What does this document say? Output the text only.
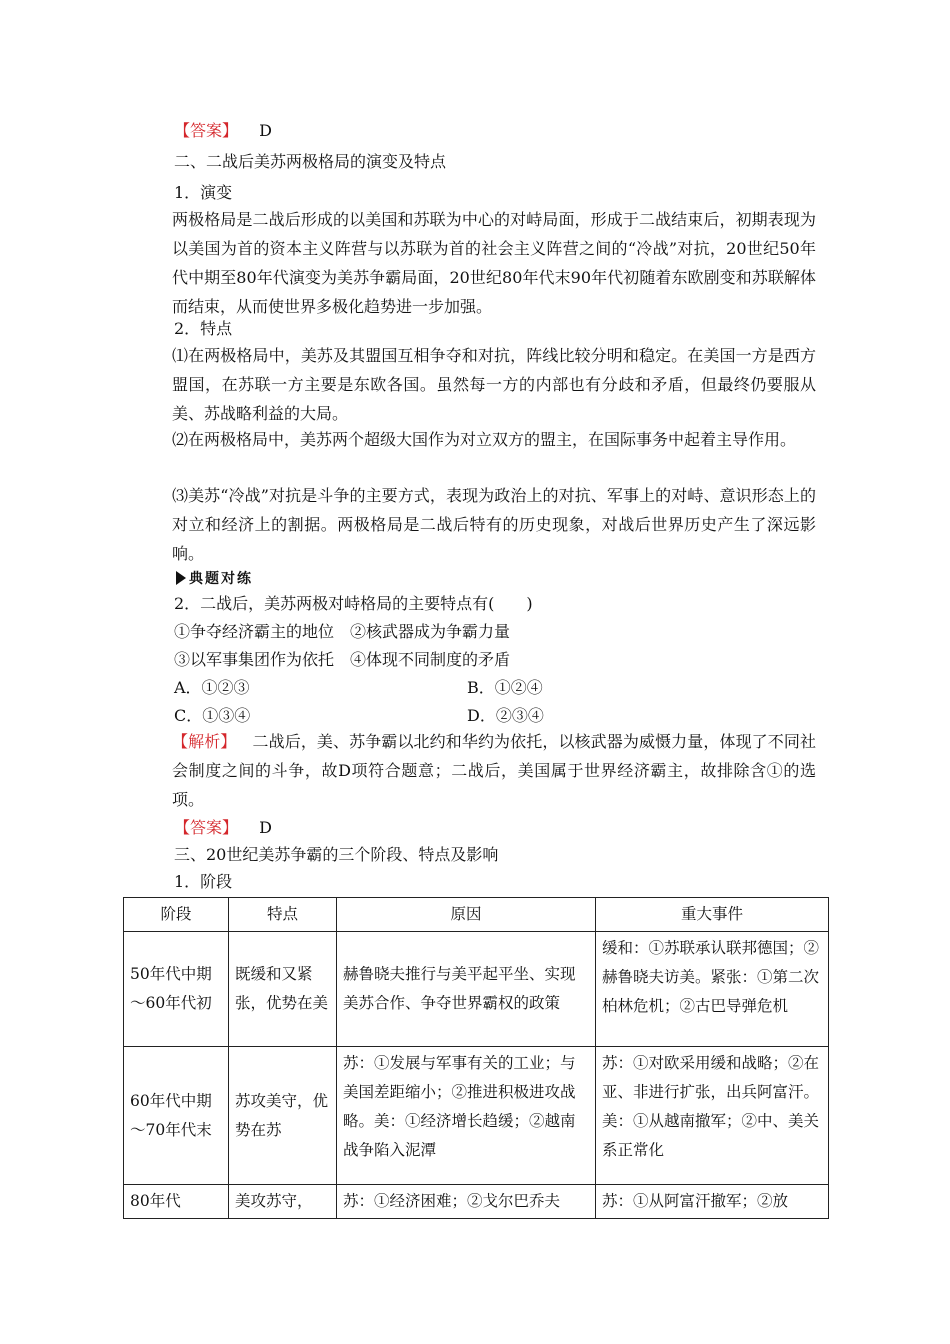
【答案】 D
二、二战后美苏两极格局的演变及特点
1．演变
两极格局是二战后形成的以美国和苏联为中心的对峙局面，形成于二战结束后，初期表现为以美国为首的资本主义阵营与以苏联为首的社会主义阵营之间的“冷战”对抗，20世纪50年代中期至80年代演变为美苏争霸局面，20世纪80年代末90年代初随着东欧剧变和苏联解体而结束，从而使世界多极化趋势进一步加强。
2．特点
⑴在两极格局中，美苏及其盟国互相争夺和对抗，阵线比较分明和稳定。在美国一方是西方盟国，在苏联一方主要是东欧各国。虽然每一方的内部也有分歧和矛盾，但最终仍要服从美、苏战略利益的大局。
⑵在两极格局中，美苏两个超级大国作为对立双方的盟主，在国际事务中起着主导作用。
⑶美苏“冷战”对抗是斗争的主要方式，表现为政治上的对抗、军事上的对峙、意识形态上的对立和经济上的割据。两极格局是二战后特有的历史现象，对战后世界历史产生了深远影响。
典题对练
2．二战后，美苏两极对峙格局的主要特点有(　　)
①争夺经济霸主的地位　②核武器成为争霸力量
③以军事集团作为依托　④体现不同制度的矛盾
A．①②③	B．①②④
C．①③④	D．②③④
【解析】 二战后，美、苏争霸以北约和华约为依托，以核武器为威慑力量，体现了不同社会制度之间的斗争，故D项符合题意；二战后，美国属于世界经济霸主，故排除含①的选项。
【答案】 D
三、20世纪美苏争霸的三个阶段、特点及影响
1．阶段
阶段	特点	原因	重大事件
50年代中期～60年代初	既缓和又紧张，优势在美	赫鲁晓夫推行与美平起平坐、实现美苏合作、争夺世界霸权的政策	缓和：①苏联承认联邦德国；②赫鲁晓夫访美。紧张：①第二次柏林危机；②古巴导弹危机
60年代中期～70年代末	苏攻美守，优势在苏	苏：①发展与军事有关的工业；与美国差距缩小；②推进积极进攻战略。美：①经济增长趋缓；②越南战争陷入泥潭	苏：①对欧采用缓和战略；②在亚、非进行扩张，出兵阿富汗。美：①从越南撤军；②中、美关系正常化
80年代	美攻苏守，	苏：①经济困难；②戈尔巴乔夫	苏：①从阿富汗撤军；②放
